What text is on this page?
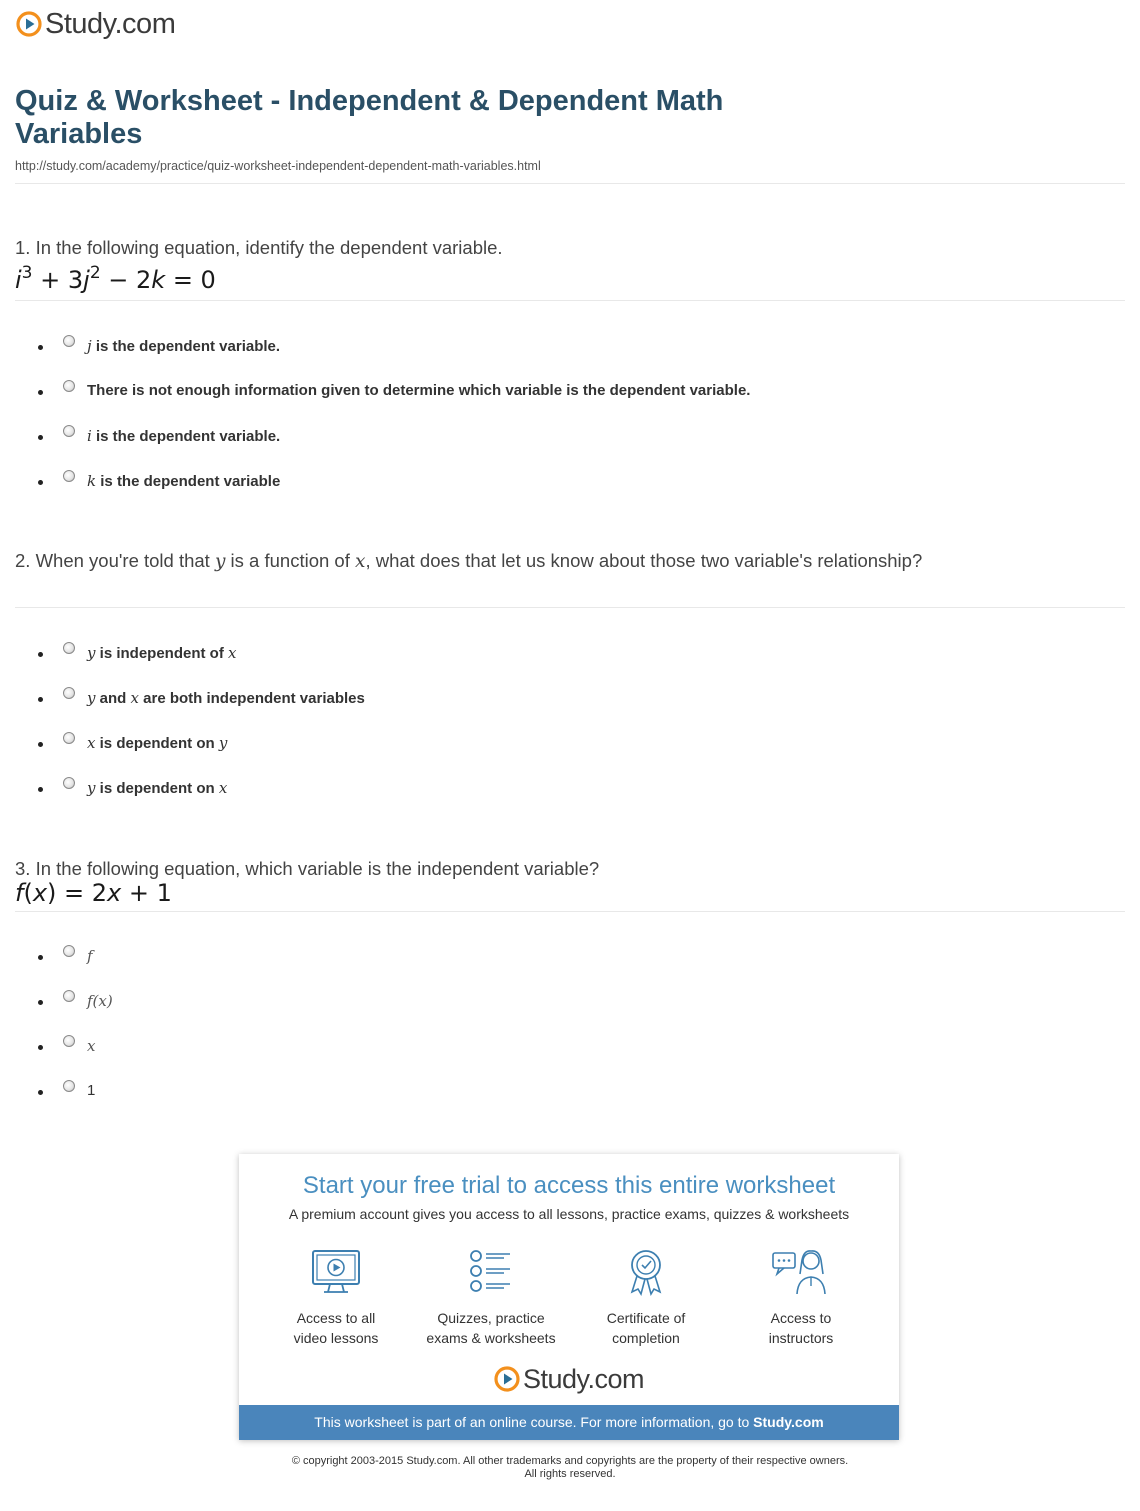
Study.com
Quiz & Worksheet - Independent & Dependent Math Variables
http://study.com/academy/practice/quiz-worksheet-independent-dependent-math-variables.html
1. In the following equation, identify the dependent variable.
$i^3 + 3j^2 - 2k = 0$
j is the dependent variable.
There is not enough information given to determine which variable is the dependent variable.
i is the dependent variable.
k is the dependent variable
2. When you're told that y is a function of x, what does that let us know about those two variable's relationship?
y is independent of x
y and x are both independent variables
x is dependent on y
y is dependent on x
3. In the following equation, which variable is the independent variable?
f(x) = 2x + 1
f
f(x)
x
1
Start your free trial to access this entire worksheet
A premium account gives you access to all lessons, practice exams, quizzes & worksheets
Access to all
video lessons
Quizzes, practice
exams & worksheets
Certificate of
completion
Access to
instructors
Study.com
This worksheet is part of an online course. For more information, go to Study.com
© copyright 2003-2015 Study.com. All other trademarks and copyrights are the property of their respective owners.
All rights reserved.
